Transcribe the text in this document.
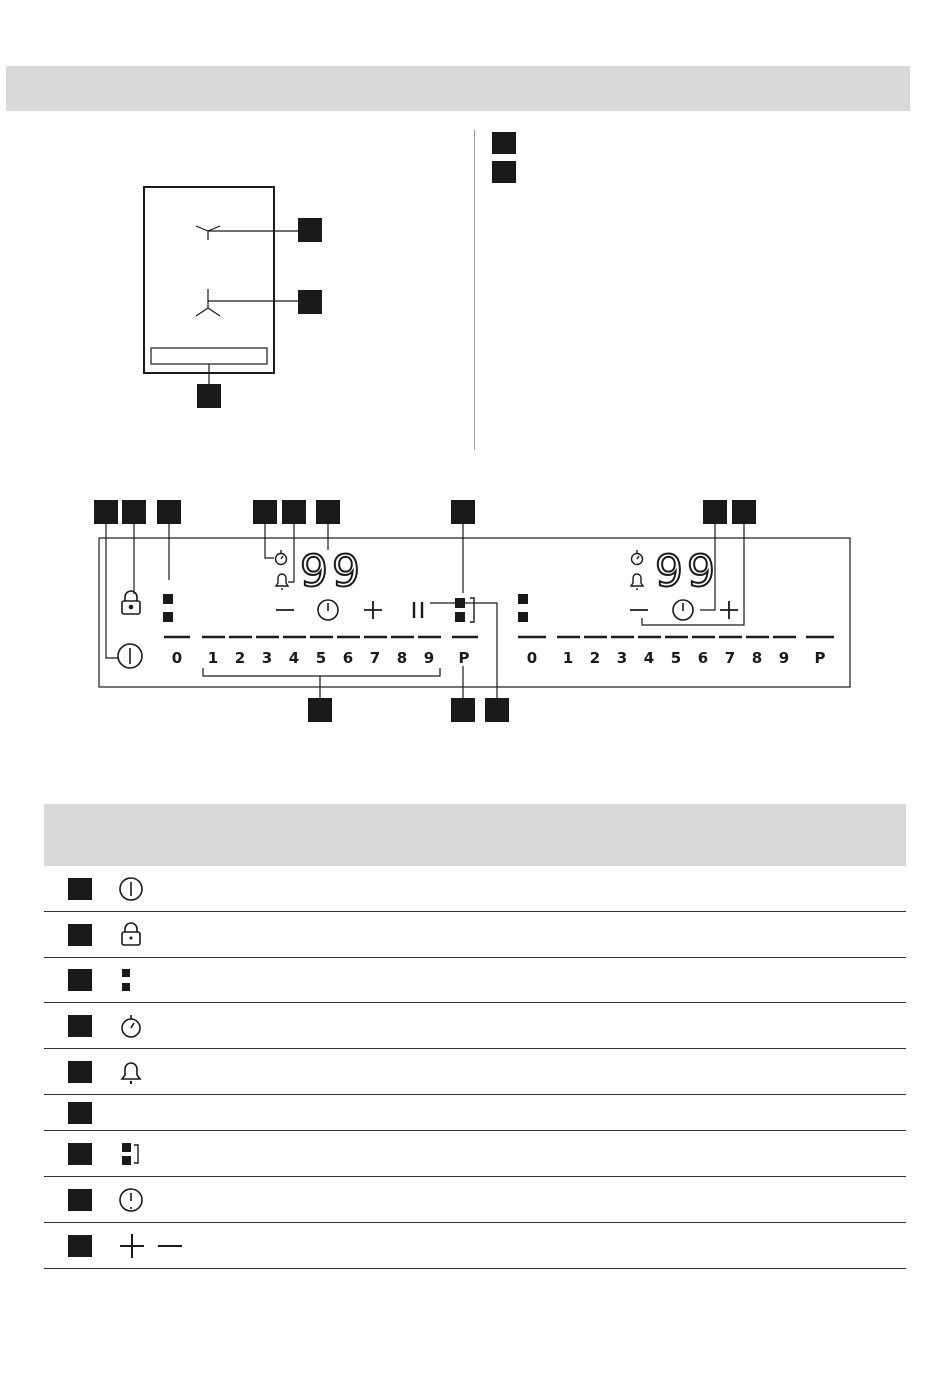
99
0 1 2 3 4 5 6 7 8 9 P
99
0 1 2 3 4 5 6 7 8 9 P
